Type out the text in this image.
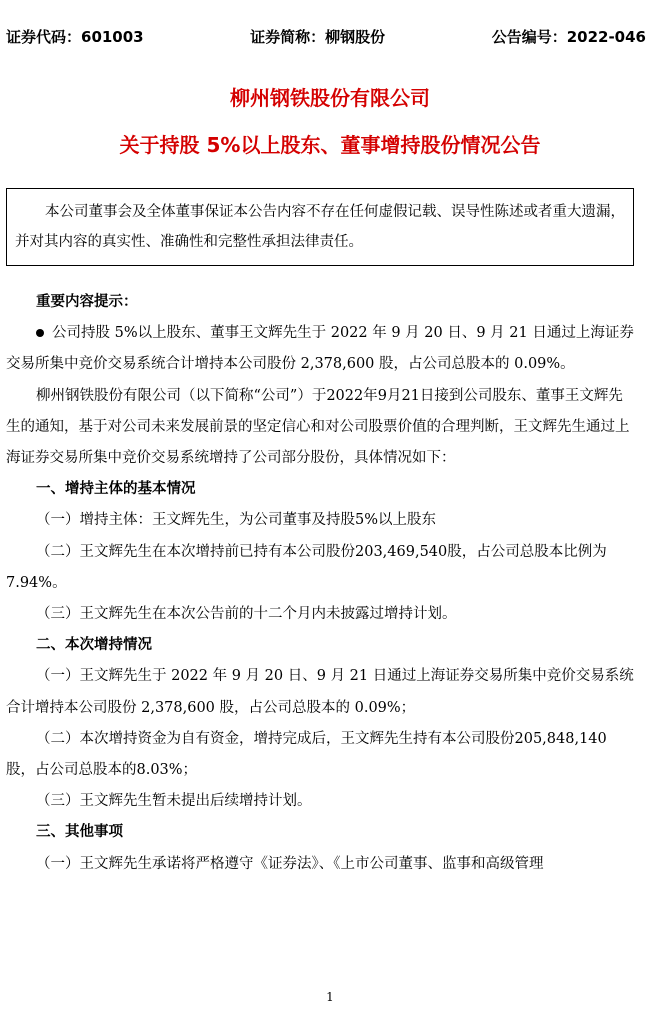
证券代码：601003	证券简称：柳钢股份	公告编号：2022-046
柳州钢铁股份有限公司
关于持股 5%以上股东、董事增持股份情况公告
本公司董事会及全体董事保证本公告内容不存在任何虚假记载、误导性陈述或者重大遗漏，并对其内容的真实性、准确性和完整性承担法律责任。

重要内容提示：

公司持股 5%以上股东、董事王文辉先生于 2022 年 9 月 20 日、9 月 21 日通过上海证券交易所集中竞价交易系统合计增持本公司股份 2,378,600 股，占公司总股本的 0.09%。

柳州钢铁股份有限公司（以下简称“公司”）于2022年9月21日接到公司股东、董事王文辉先生的通知，基于对公司未来发展前景的坚定信心和对公司股票价值的合理判断，王文辉先生通过上海证券交易所集中竞价交易系统增持了公司部分股份，具体情况如下：

一、增持主体的基本情况

（一）增持主体：王文辉先生，为公司董事及持股5%以上股东

（二）王文辉先生在本次增持前已持有本公司股份203,469,540股，占公司总股本比例为7.94%。

（三）王文辉先生在本次公告前的十二个月内未披露过增持计划。

二、本次增持情况

（一）王文辉先生于 2022 年 9 月 20 日、9 月 21 日通过上海证券交易所集中竞价交易系统合计增持本公司股份 2,378,600 股，占公司总股本的 0.09%；

（二）本次增持资金为自有资金，增持完成后，王文辉先生持有本公司股份205,848,140股，占公司总股本的8.03%；

（三）王文辉先生暂未提出后续增持计划。

三、其他事项

（一）王文辉先生承诺将严格遵守《证券法》、《上市公司董事、监事和高级管理

1
